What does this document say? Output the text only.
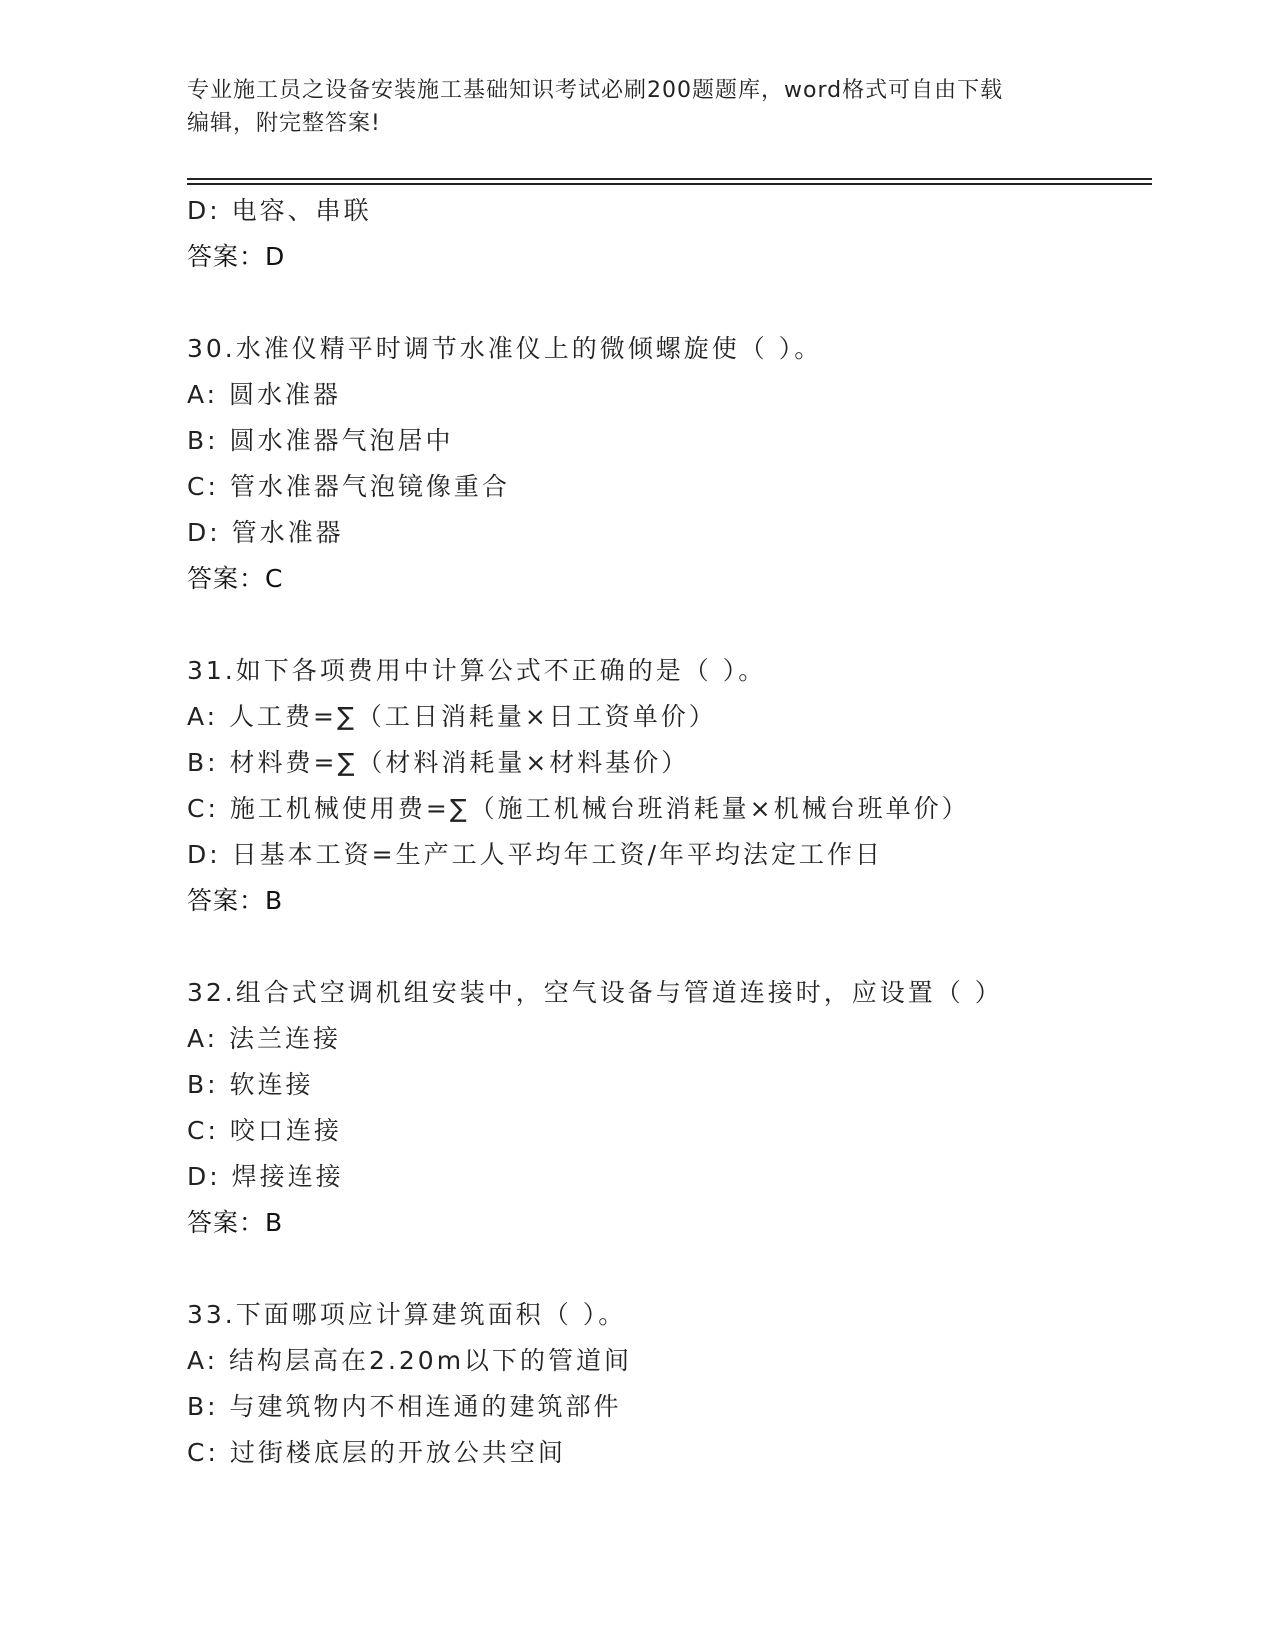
专业施工员之设备安装施工基础知识考试必刷200题题库，word格式可自由下载
编辑，附完整答案!
D: 电容、串联
答案：D
30.水准仪精平时调节水准仪上的微倾螺旋使（ ）。
A: 圆水准器
B: 圆水准器气泡居中
C: 管水准器气泡镜像重合
D: 管水准器
答案：C
31.如下各项费用中计算公式不正确的是（ ）。
A: 人工费=∑（工日消耗量×日工资单价）
B: 材料费=∑（材料消耗量×材料基价）
C: 施工机械使用费=∑（施工机械台班消耗量×机械台班单价）
D: 日基本工资=生产工人平均年工资/年平均法定工作日
答案：B
32.组合式空调机组安装中，空气设备与管道连接时，应设置（ ）
A: 法兰连接
B: 软连接
C: 咬口连接
D: 焊接连接
答案：B
33.下面哪项应计算建筑面积（ ）。
A: 结构层高在2.20m以下的管道间
B: 与建筑物内不相连通的建筑部件
C: 过街楼底层的开放公共空间
